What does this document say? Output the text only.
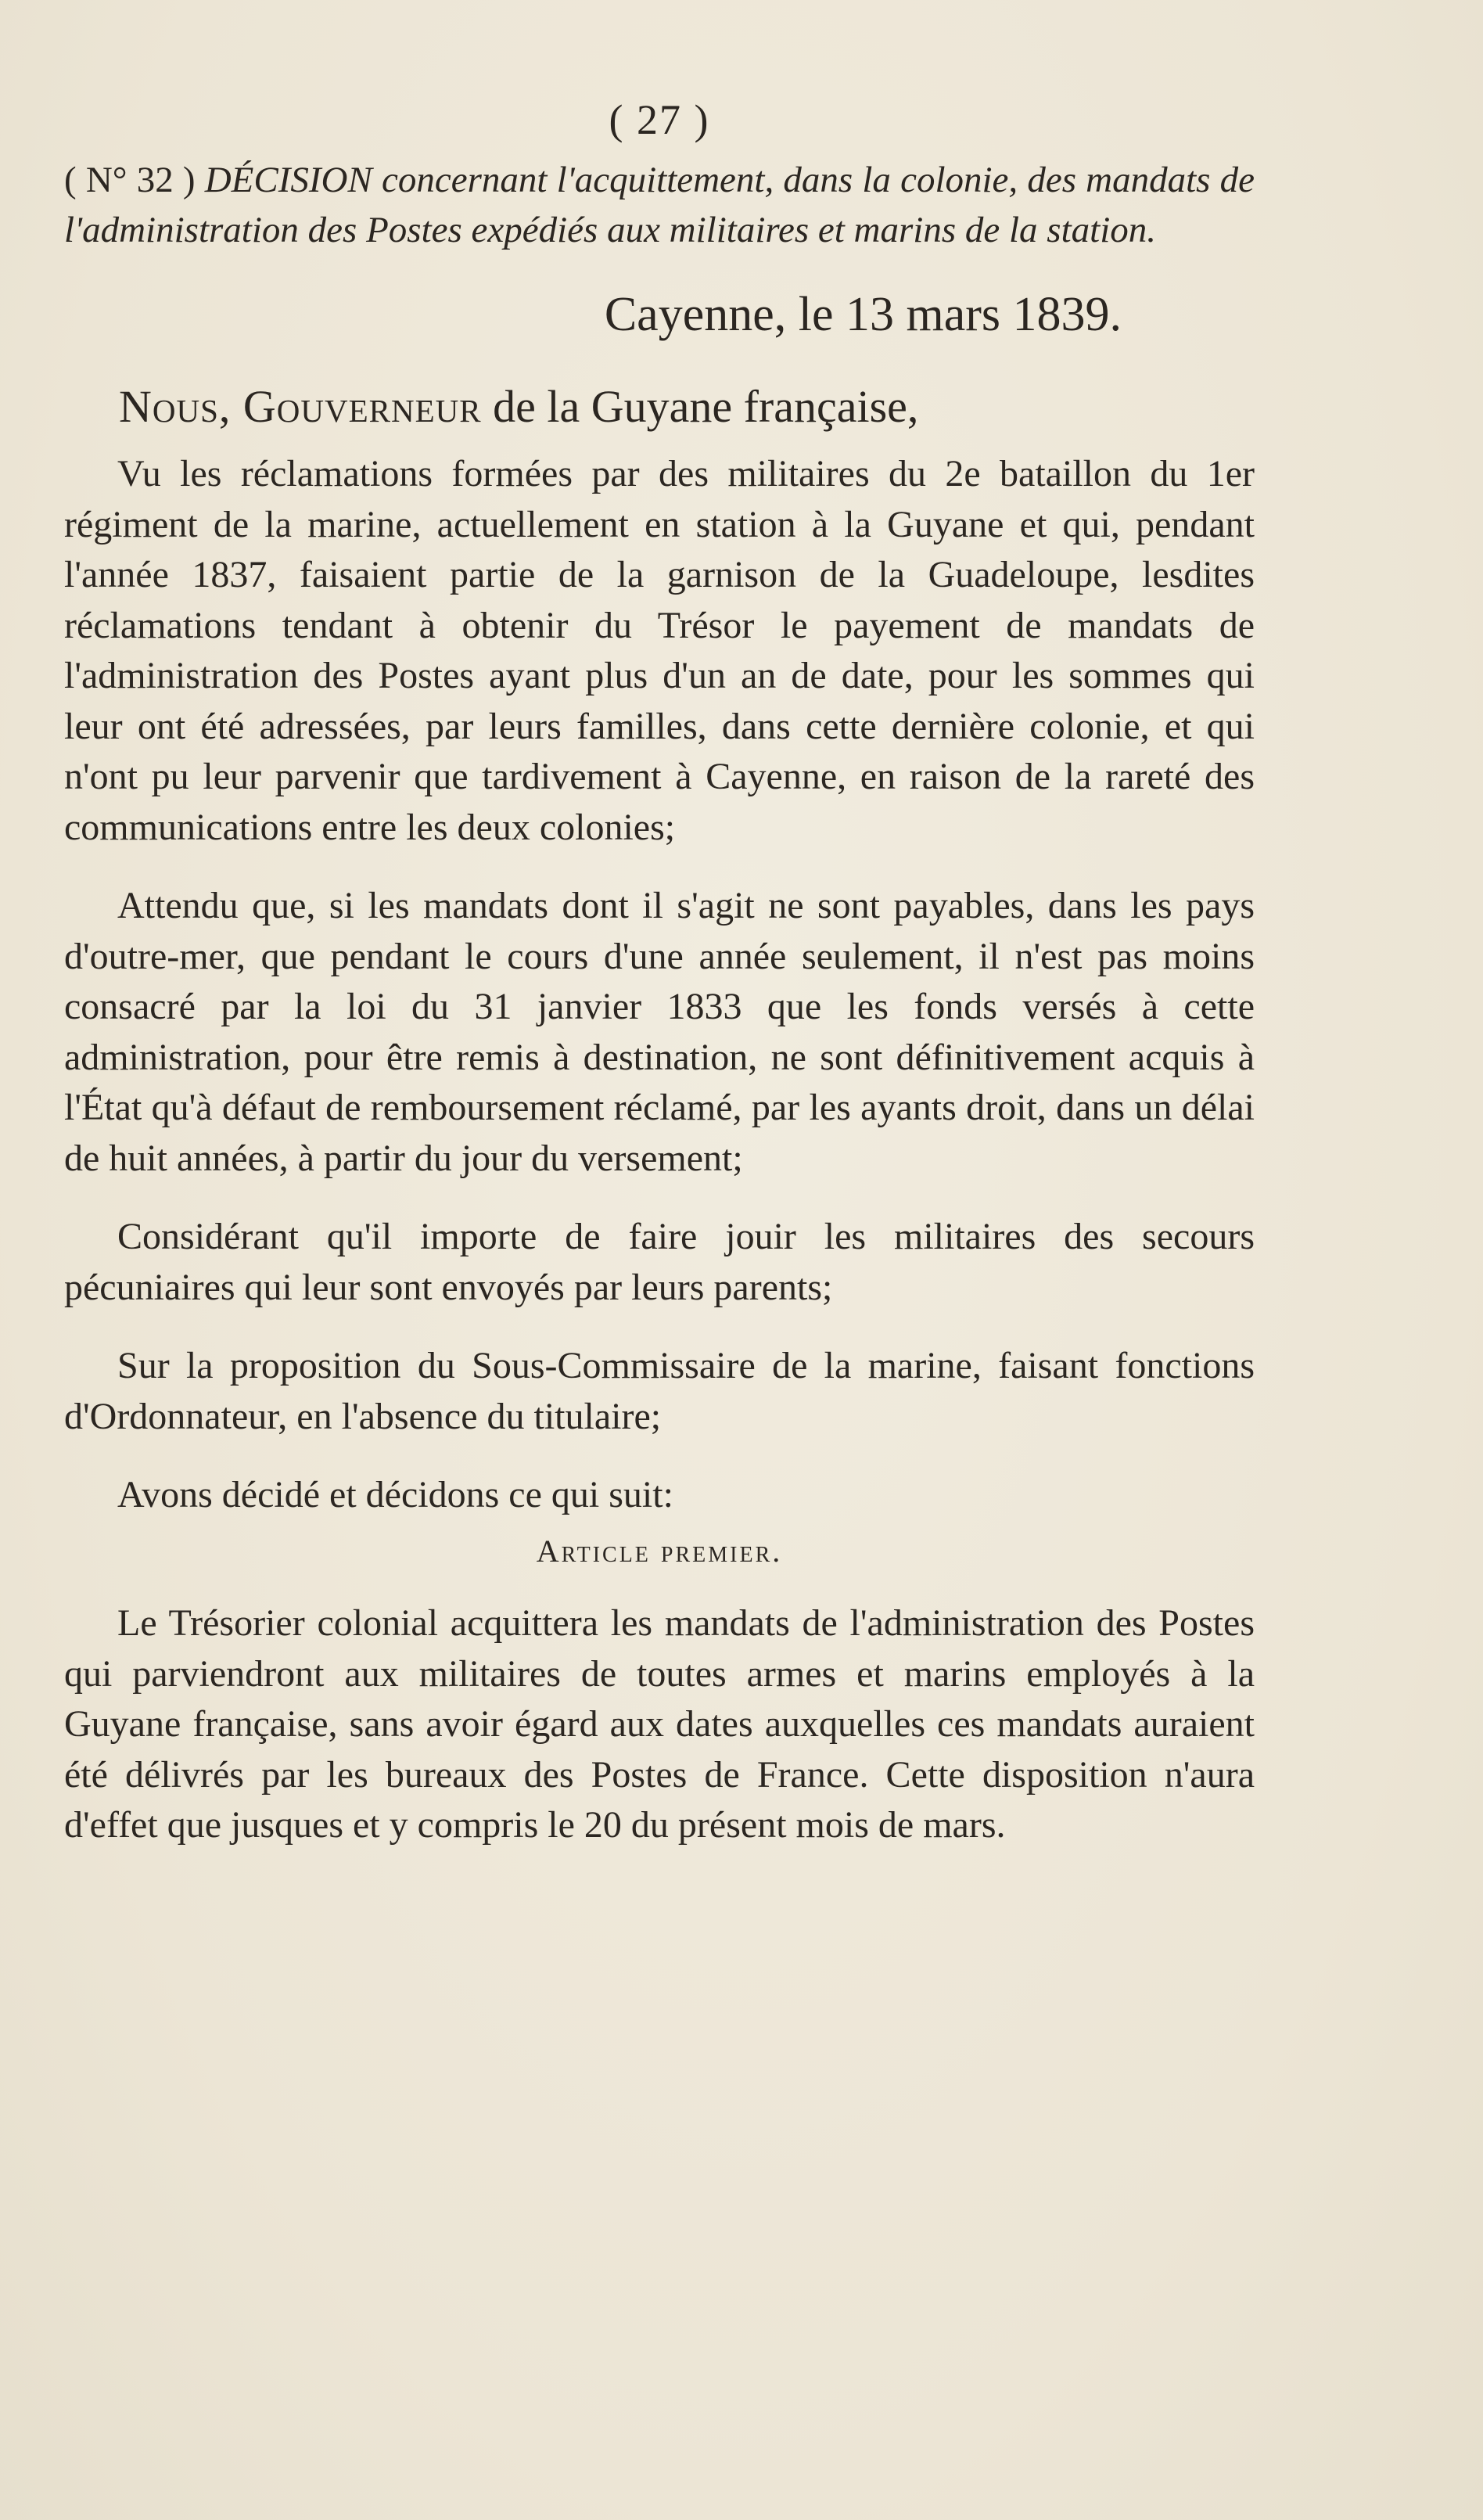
( 27 )

( N° 32 ) DÉCISION concernant l'acquittement, dans la colonie, des mandats de l'administration des Postes expédiés aux militaires et marins de la station.

Cayenne, le 13 mars 1839.
Nous, Gouverneur de la Guyane française,

Vu les réclamations formées par des militaires du 2e bataillon du 1er régiment de la marine, actuellement en station à la Guyane et qui, pendant l'année 1837, faisaient partie de la garnison de la Guadeloupe, lesdites réclamations tendant à obtenir du Trésor le payement de mandats de l'administration des Postes ayant plus d'un an de date, pour les sommes qui leur ont été adressées, par leurs familles, dans cette dernière colonie, et qui n'ont pu leur parvenir que tardivement à Cayenne, en raison de la rareté des communications entre les deux colonies;

Attendu que, si les mandats dont il s'agit ne sont payables, dans les pays d'outre-mer, que pendant le cours d'une année seulement, il n'est pas moins consacré par la loi du 31 janvier 1833 que les fonds versés à cette administration, pour être remis à destination, ne sont définitivement acquis à l'État qu'à défaut de remboursement réclamé, par les ayants droit, dans un délai de huit années, à partir du jour du versement;

Considérant qu'il importe de faire jouir les militaires des secours pécuniaires qui leur sont envoyés par leurs parents;

Sur la proposition du Sous-Commissaire de la marine, faisant fonctions d'Ordonnateur, en l'absence du titulaire;

Avons décidé et décidons ce qui suit:
Article premier.

Le Trésorier colonial acquittera les mandats de l'administration des Postes qui parviendront aux militaires de toutes armes et marins employés à la Guyane française, sans avoir égard aux dates auxquelles ces mandats auraient été délivrés par les bureaux des Postes de France. Cette disposition n'aura d'effet que jusques et y compris le 20 du présent mois de mars.
